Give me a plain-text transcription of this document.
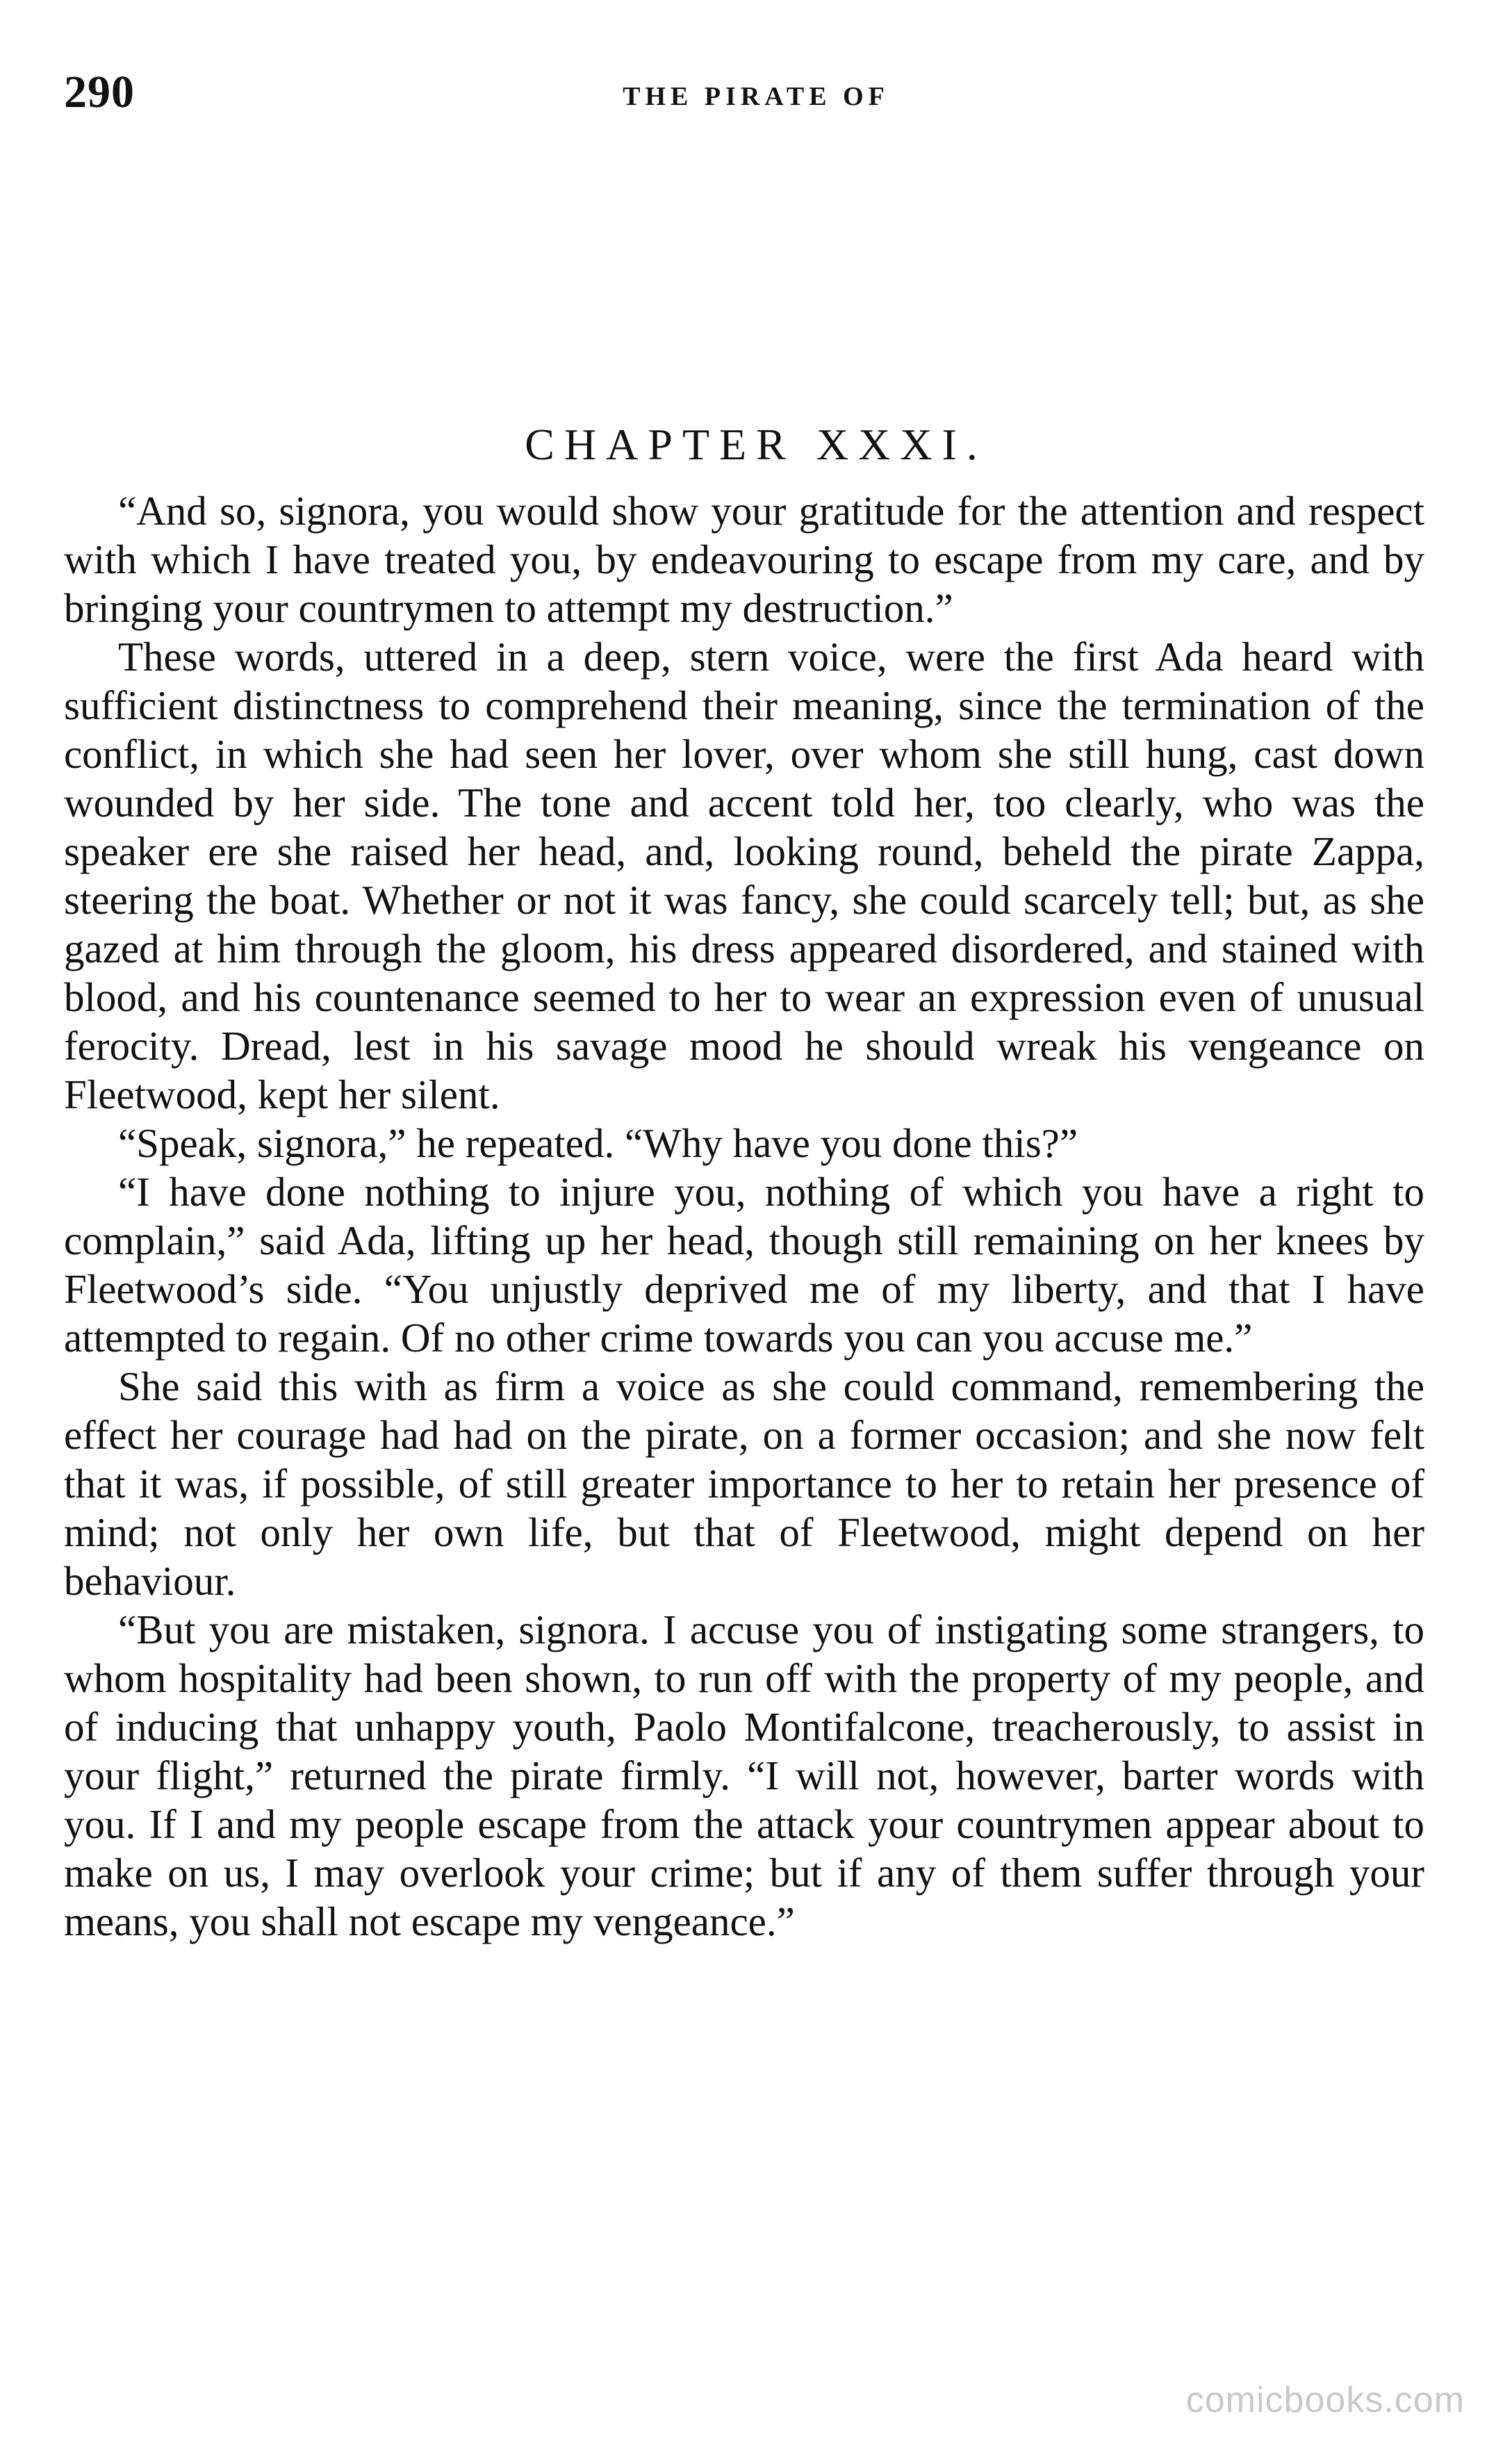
290	THE PIRATE OF
CHAPTER XXXI.

“And so, signora, you would show your gratitude for the attention and respect with which I have treated you, by endeavouring to escape from my care, and by bringing your countrymen to attempt my destruction.”

These words, uttered in a deep, stern voice, were the first Ada heard with sufficient distinctness to comprehend their meaning, since the termination of the conflict, in which she had seen her lover, over whom she still hung, cast down wounded by her side. The tone and accent told her, too clearly, who was the speaker ere she raised her head, and, looking round, beheld the pirate Zappa, steering the boat. Whether or not it was fancy, she could scarcely tell; but, as she gazed at him through the gloom, his dress appeared disordered, and stained with blood, and his countenance seemed to her to wear an expression even of unusual ferocity. Dread, lest in his savage mood he should wreak his vengeance on Fleetwood, kept her silent.

“Speak, signora,” he repeated. “Why have you done this?”

“I have done nothing to injure you, nothing of which you have a right to complain,” said Ada, lifting up her head, though still remaining on her knees by Fleetwood’s side. “You unjustly deprived me of my liberty, and that I have attempted to regain. Of no other crime towards you can you accuse me.”

She said this with as firm a voice as she could command, remembering the effect her courage had had on the pirate, on a former occasion; and she now felt that it was, if possible, of still greater importance to her to retain her presence of mind; not only her own life, but that of Fleetwood, might depend on her behaviour.

“But you are mistaken, signora. I accuse you of instigating some strangers, to whom hospitality had been shown, to run off with the property of my people, and of inducing that unhappy youth, Paolo Montifalcone, treacherously, to assist in your flight,” returned the pirate firmly. “I will not, however, barter words with you. If I and my people escape from the attack your countrymen appear about to make on us, I may overlook your crime; but if any of them suffer through your means, you shall not escape my vengeance.”

comicbooks.com
